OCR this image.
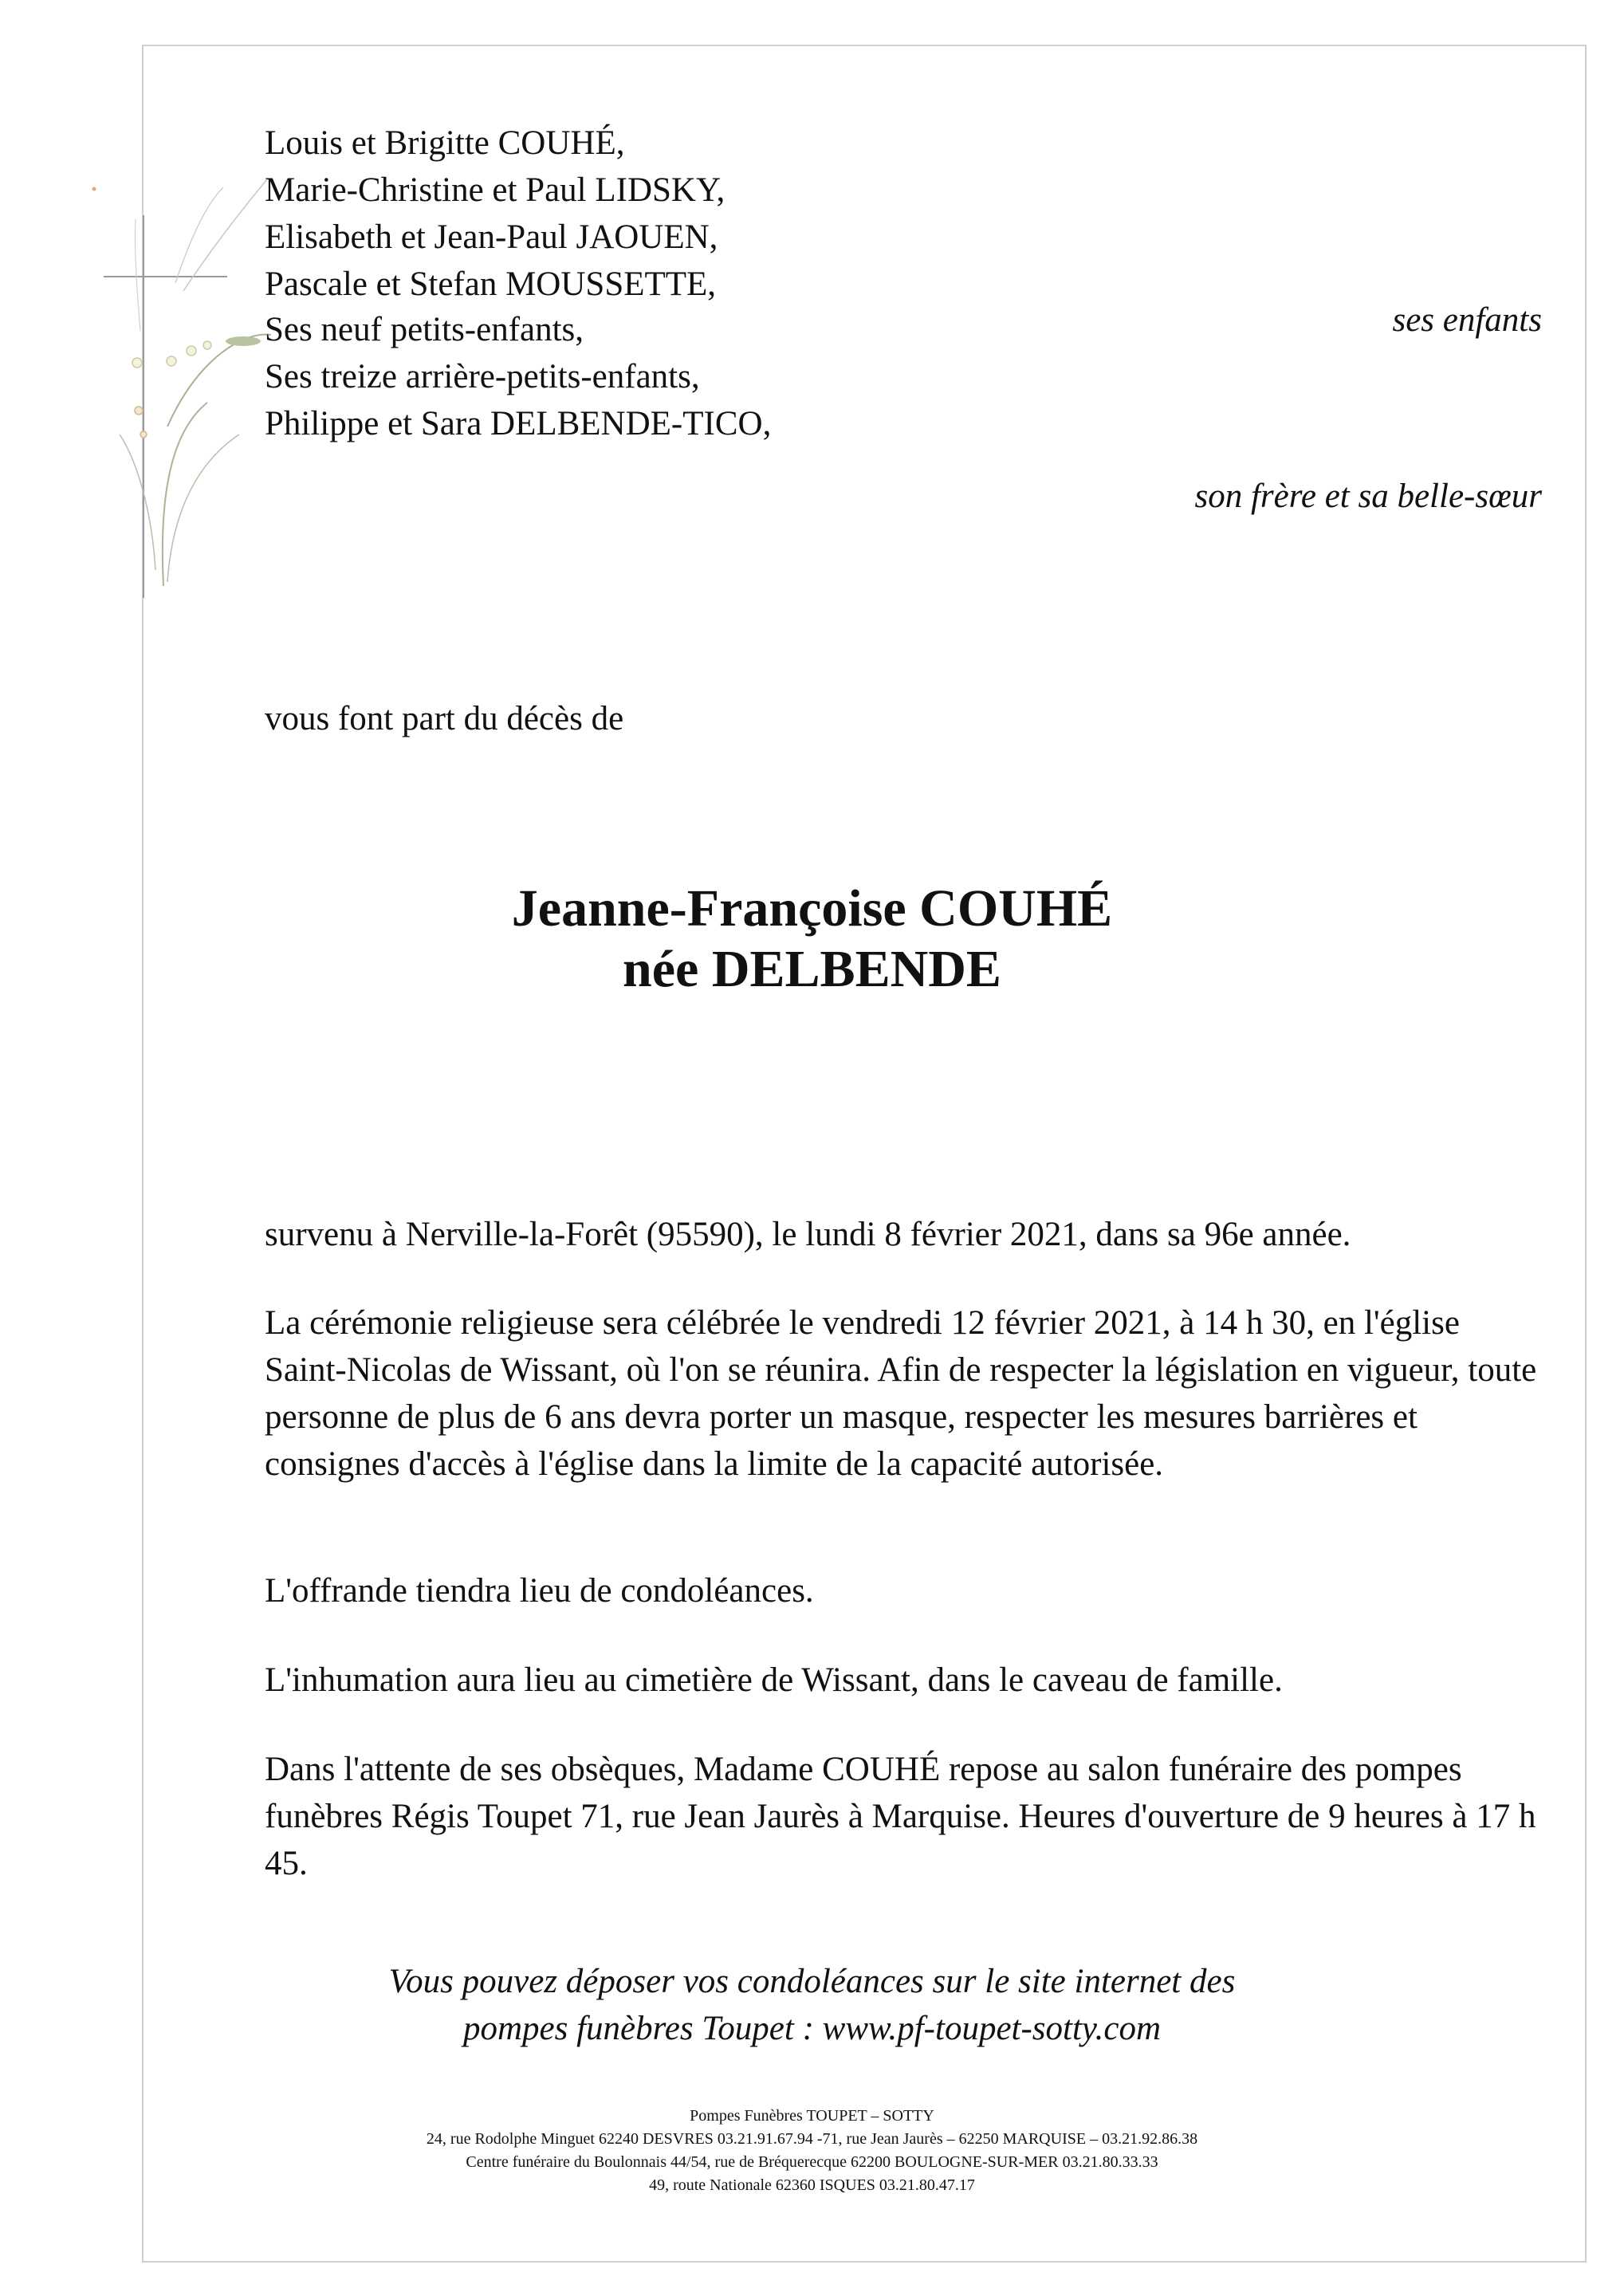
Louis et Brigitte COUHÉ,
Marie-Christine et Paul LIDSKY,
Elisabeth et Jean-Paul JAOUEN,
Pascale et Stefan MOUSSETTE,
ses enfants
Ses neuf petits-enfants,
Ses treize arrière-petits-enfants,
Philippe et Sara DELBENDE-TICO,
son frère et sa belle-sœur
vous font part du décès de
Jeanne-Françoise COUHÉ
née DELBENDE

survenu à Nerville-la-Forêt (95590), le lundi 8 février 2021, dans sa 96e année.

La cérémonie religieuse sera célébrée le vendredi 12 février 2021, à 14 h 30, en l'église Saint-Nicolas de Wissant, où l'on se réunira. Afin de respecter la législation en vigueur, toute personne de plus de 6 ans devra porter un masque, respecter les mesures barrières et consignes d'accès à l'église dans la limite de la capacité autorisée.

L'offrande tiendra lieu de condoléances.

L'inhumation aura lieu au cimetière de Wissant, dans le caveau de famille.

Dans l'attente de ses obsèques, Madame COUHÉ repose au salon funéraire des pompes funèbres Régis Toupet 71, rue Jean Jaurès à Marquise. Heures d'ouverture de 9 heures à 17 h 45.

Vous pouvez déposer vos condoléances sur le site internet des
pompes funèbres Toupet : www.pf-toupet-sotty.com
Pompes Funèbres TOUPET – SOTTY
24, rue Rodolphe Minguet 62240 DESVRES 03.21.91.67.94 -71, rue Jean Jaurès – 62250 MARQUISE – 03.21.92.86.38
Centre funéraire du Boulonnais 44/54, rue de Bréquerecque 62200 BOULOGNE-SUR-MER 03.21.80.33.33
49, route Nationale 62360 ISQUES 03.21.80.47.17
